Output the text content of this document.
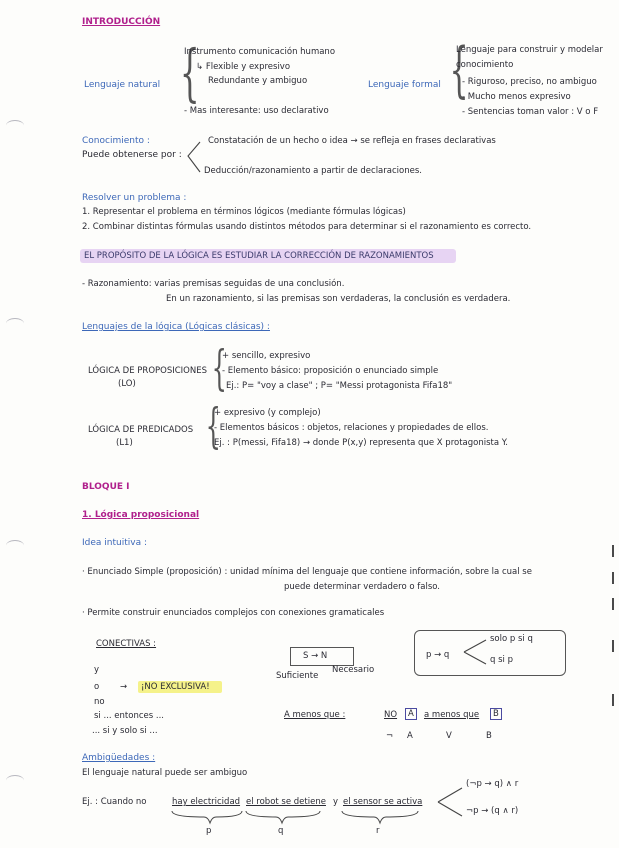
INTRODUCCIÓN
Lenguaje natural {
Instrumento comunicación humano
↳ Flexible y expresivo
Redundante y ambiguo
- Mas interesante: uso declarativo
Lenguaje formal {
Lenguaje para construir y modelar
conocimiento
- Riguroso, preciso, no ambiguo
- Mucho menos expresivo
- Sentencias toman valor : V o F
Conocimiento :
Puede obtenerse por :
Constatación de un hecho o idea → se refleja en frases declarativas
Deducción/razonamiento a partir de declaraciones.
Resolver un problema :
1. Representar el problema en términos lógicos (mediante fórmulas lógicas)
2. Combinar distintas fórmulas usando distintos métodos para determinar si el razonamiento es correcto.
EL PROPÓSITO DE LA LÓGICA ES ESTUDIAR LA CORRECCIÓN DE RAZONAMIENTOS
- Razonamiento: varias premisas seguidas de una conclusión.
En un razonamiento, si las premisas son verdaderas, la conclusión es verdadera.
Lenguajes de la lógica (Lógicas clásicas) :
LÓGICA DE PROPOSICIONES
(LO) {
+ sencillo, expresivo
- Elemento básico: proposición o enunciado simple
Ej.: P= "voy a clase" ; P= "Messi protagonista Fifa18"
LÓGICA DE PREDICADOS
(L1) {
+ expresivo (y complejo)
- Elementos básicos : objetos, relaciones y propiedades de ellos.
Ej. : P(messi, Fifa18) → donde P(x,y) representa que X protagonista Y.
BLOQUE I
1. Lógica proposicional
Idea intuitiva :
· Enunciado Simple (proposición) : unidad mínima del lenguaje que contiene información, sobre la cual se
puede determinar verdadero o falso.
· Permite construir enunciados complejos con conexiones gramaticales
CONECTIVAS :
y
o → ¡NO EXCLUSIVA!
no
si ... entonces ...
... si y solo si ...
S → N
Suficiente
Necesario
p → q
solo p si q
q si p
A menos que :	NO	A	a menos que	B
¬ A	V	B
Ambigüedades :
El lenguaje natural puede ser ambiguo
Ej. : Cuando no	hay electricidad el robot se detiene y el sensor se activa
p	q	r
(¬p → q) ∧ r
¬p → (q ∧ r)
